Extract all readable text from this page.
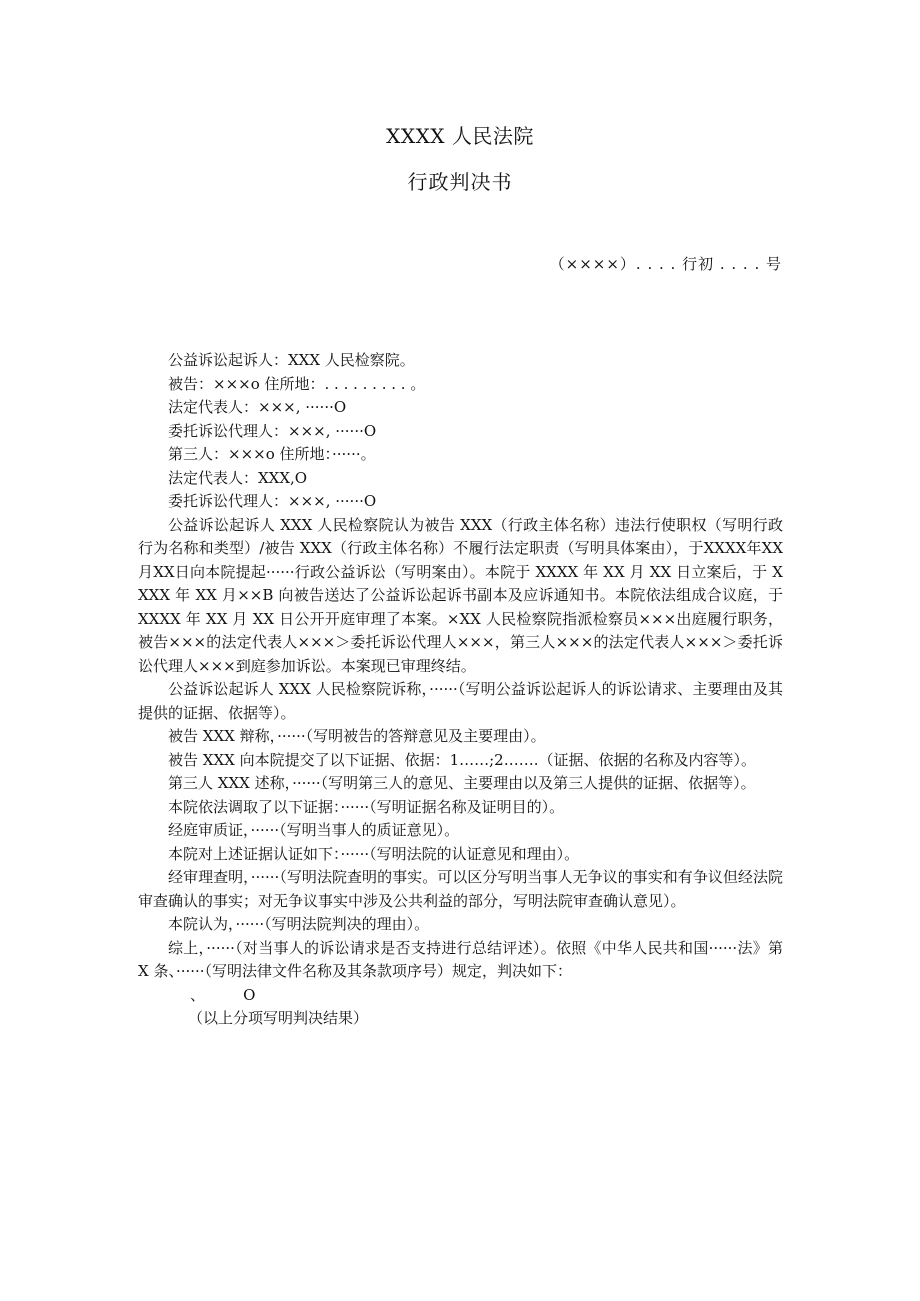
XXXX 人民法院
行政判决书
（××××）. . . . 行初 . . . . 号

公益诉讼起诉人：XXX 人民检察院。

被告：×××o 住所地：. . . . . . . . . 。

法定代表人：×××, ······O

委托诉讼代理人：×××, ······O

第三人：×××o 住所地：······。

法定代表人：XXX,O

委托诉讼代理人：×××, ······O

公益诉讼起诉人 XXX 人民检察院认为被告 XXX（行政主体名称）违法行使职权（写明行政行为名称和类型）/被告 XXX（行政主体名称）不履行法定职责（写明具体案由），于XXXX年XX月XX日向本院提起······行政公益诉讼（写明案由）。本院于 XXXX 年 XX 月 XX 日立案后，于 XXXX 年 XX 月××B 向被告送达了公益诉讼起诉书副本及应诉通知书。本院依法组成合议庭，于 XXXX 年 XX 月 XX 日公开开庭审理了本案。×XX 人民检察院指派检察员×××出庭履行职务，被告×××的法定代表人×××＞委托诉讼代理人×××，第三人×××的法定代表人×××＞委托诉讼代理人×××到庭参加诉讼。本案现已审理终结。

公益诉讼起诉人 XXX 人民检察院诉称，······（写明公益诉讼起诉人的诉讼请求、主要理由及其提供的证据、依据等）。

被告 XXX 辩称，······（写明被告的答辩意见及主要理由）。

被告 XXX 向本院提交了以下证据、依据：1……;2…….（证据、依据的名称及内容等）。

第三人 XXX 述称，······（写明第三人的意见、主要理由以及第三人提供的证据、依据等）。

本院依法调取了以下证据：······（写明证据名称及证明目的）。

经庭审质证，······（写明当事人的质证意见）。

本院对上述证据认证如下：······（写明法院的认证意见和理由）。

经审理查明，······（写明法院查明的事实。可以区分写明当事人无争议的事实和有争议但经法院审查确认的事实；对无争议事实中涉及公共利益的部分，写明法院审查确认意见）。

本院认为，······（写明法院判决的理由）。

综上，······（对当事人的诉讼请求是否支持进行总结评述）。依照《中华人民共和国······法》第 X 条、······（写明法律文件名称及其条款项序号）规定，判决如下：

、        O

（以上分项写明判决结果）
